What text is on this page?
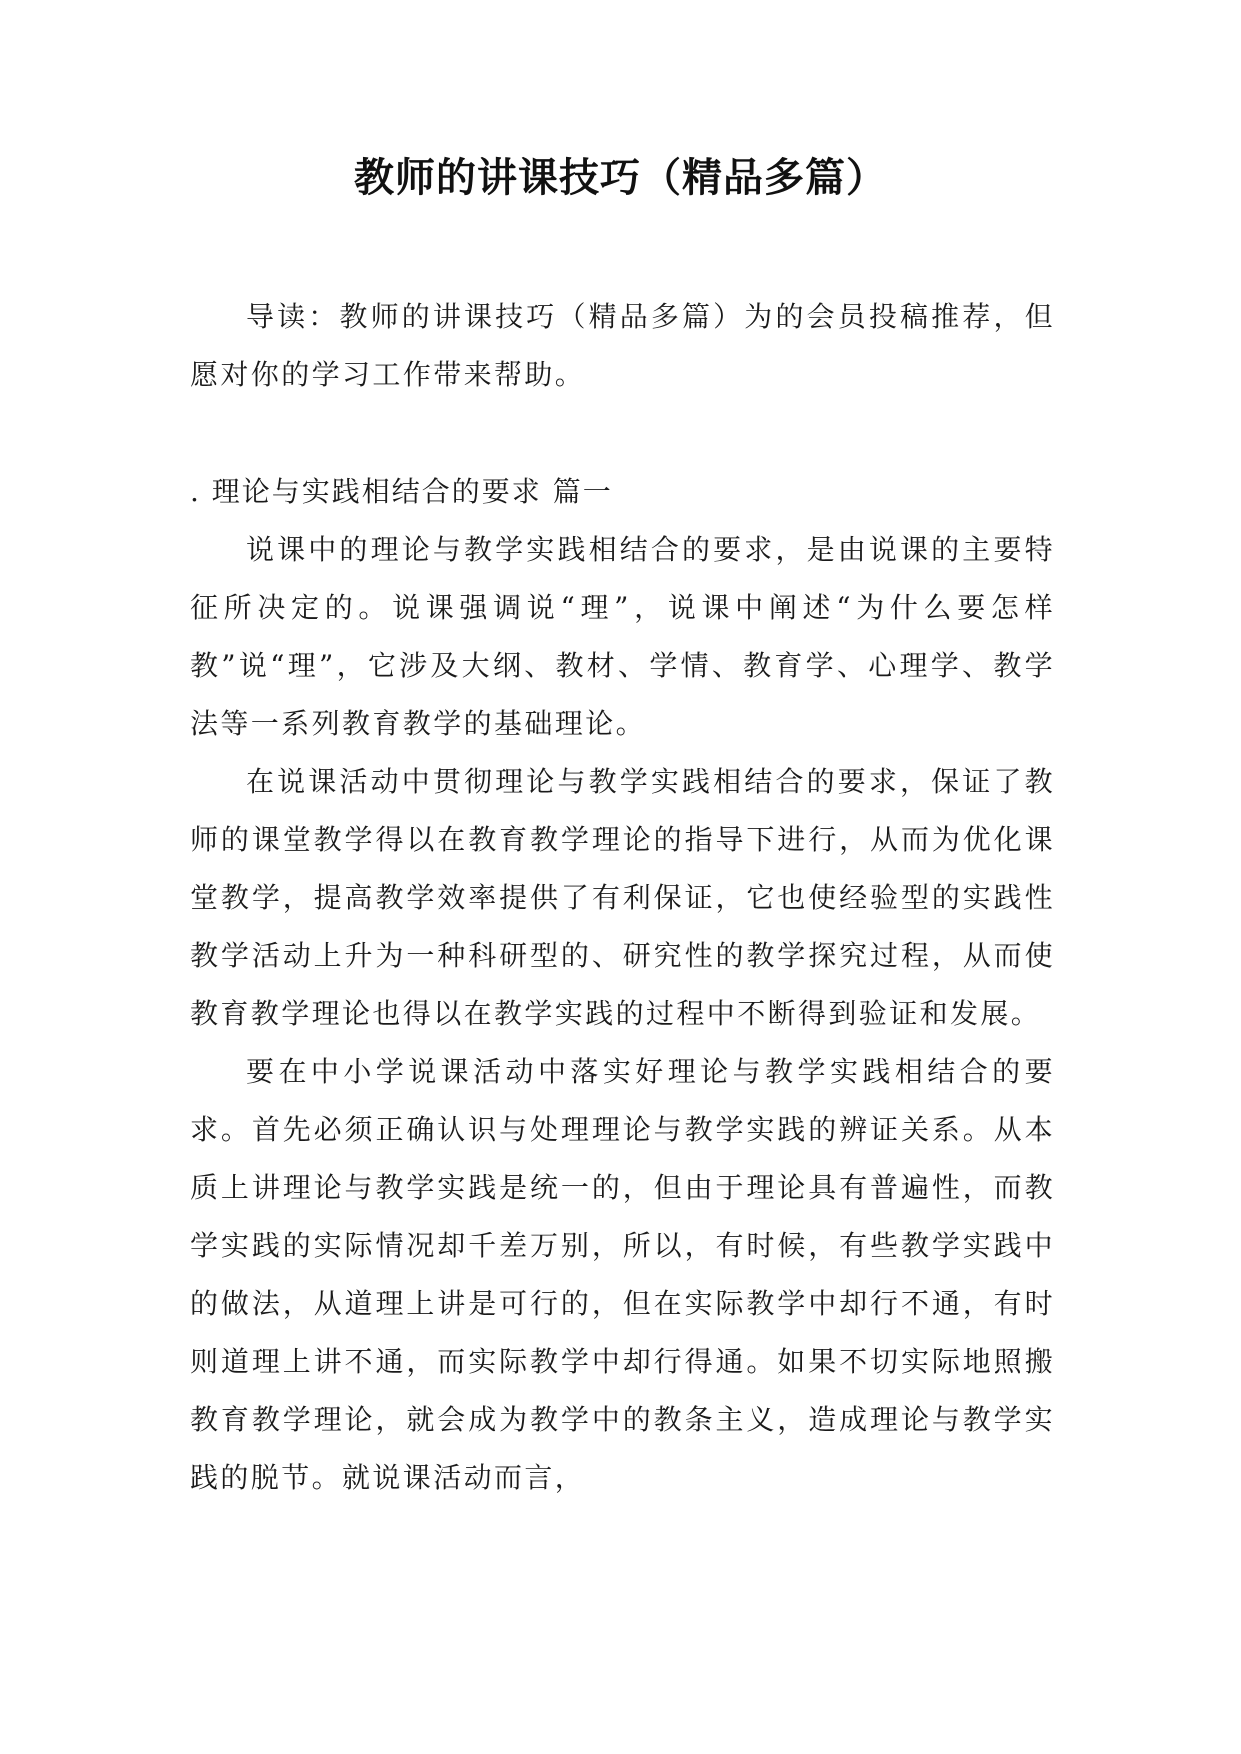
教师的讲课技巧（精品多篇）

导读：教师的讲课技巧（精品多篇）为的会员投稿推荐，但愿对你的学习工作带来帮助。

. 理论与实践相结合的要求 篇一

说课中的理论与教学实践相结合的要求，是由说课的主要特征所决定的。说课强调说“理”，说课中阐述“为什么要怎样教”说“理”，它涉及大纲、教材、学情、教育学、心理学、教学法等一系列教育教学的基础理论。

在说课活动中贯彻理论与教学实践相结合的要求，保证了教师的课堂教学得以在教育教学理论的指导下进行，从而为优化课堂教学，提高教学效率提供了有利保证，它也使经验型的实践性教学活动上升为一种科研型的、研究性的教学探究过程，从而使教育教学理论也得以在教学实践的过程中不断得到验证和发展。

要在中小学说课活动中落实好理论与教学实践相结合的要求。首先必须正确认识与处理理论与教学实践的辨证关系。从本质上讲理论与教学实践是统一的，但由于理论具有普遍性，而教学实践的实际情况却千差万别，所以，有时候，有些教学实践中的做法，从道理上讲是可行的，但在实际教学中却行不通，有时则道理上讲不通，而实际教学中却行得通。如果不切实际地照搬教育教学理论，就会成为教学中的教条主义，造成理论与教学实践的脱节。就说课活动而言，
